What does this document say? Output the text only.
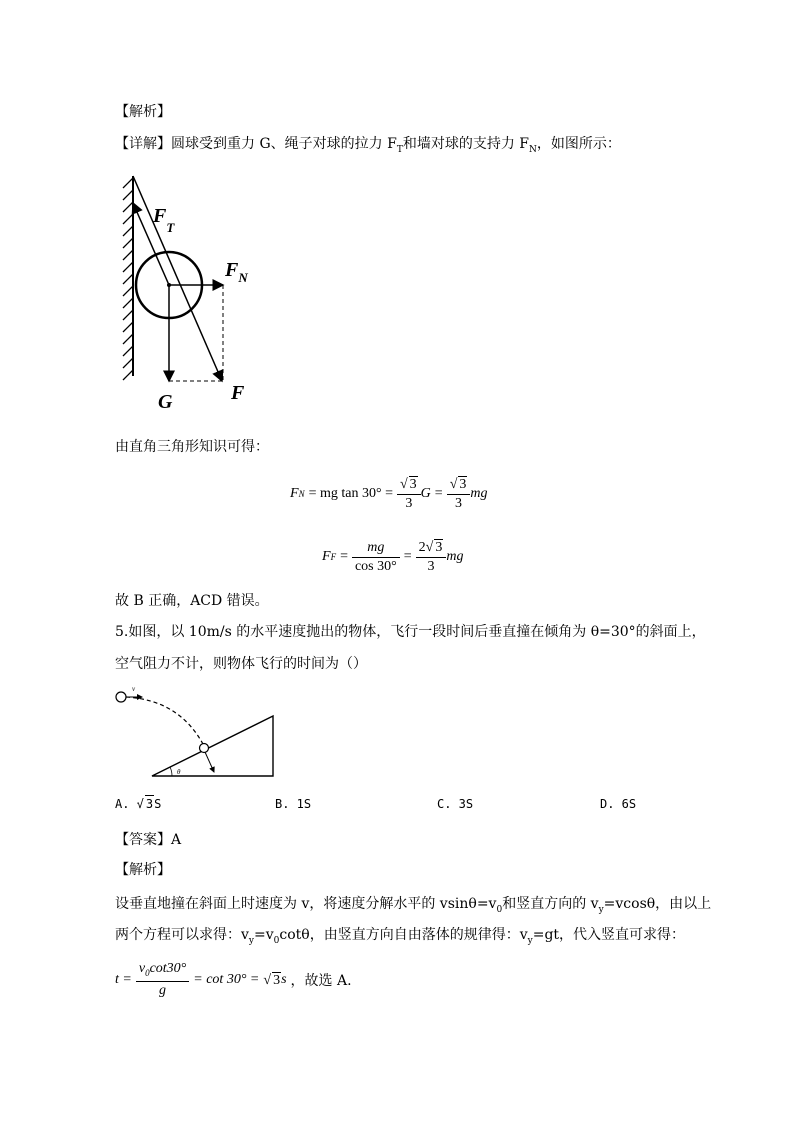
【解析】
【详解】圆球受到重力 G、绳子对球的拉力 $F_T$和墙对球的支持力 $F_N$，如图所示：
$F_T$
$F_N$
G	F
由直角三角形知识可得：
F N = mg $\tan 30^\circ = \frac{√ 3}{3}$ $G = \frac{√ 3}{3}$ mg
F $F = \frac{mg}{\cos 30^\circ} = \frac{2√ 3}{3}$ mg
故 B 正确，ACD 错误。
5.如图，以 10m/s 的水平速度抛出的物体，飞行一段时间后垂直撞在倾角为 θ=30°的斜面上，
空气阻力不计，则物体飞行的时间为（）
v
θ
A. √ 3S	B. 1S	C. 3S	D. 6S
【答案】A
【解析】
设垂直地撞在斜面上时速度为 v，将速度分解水平的 $vsin\theta=v_0$和竖直方向的 $v_y=vcos\theta$，由以上
两个方程可以求得：$v_y=v_0\cot\theta$，由竖直方向自由落体的规律得：$v_y=gt$，代入竖直可求得：
$t = \frac{v_0\cot 30^\circ}{g} = \cot 30^\circ$ = √ 3 s ，故选 A.
